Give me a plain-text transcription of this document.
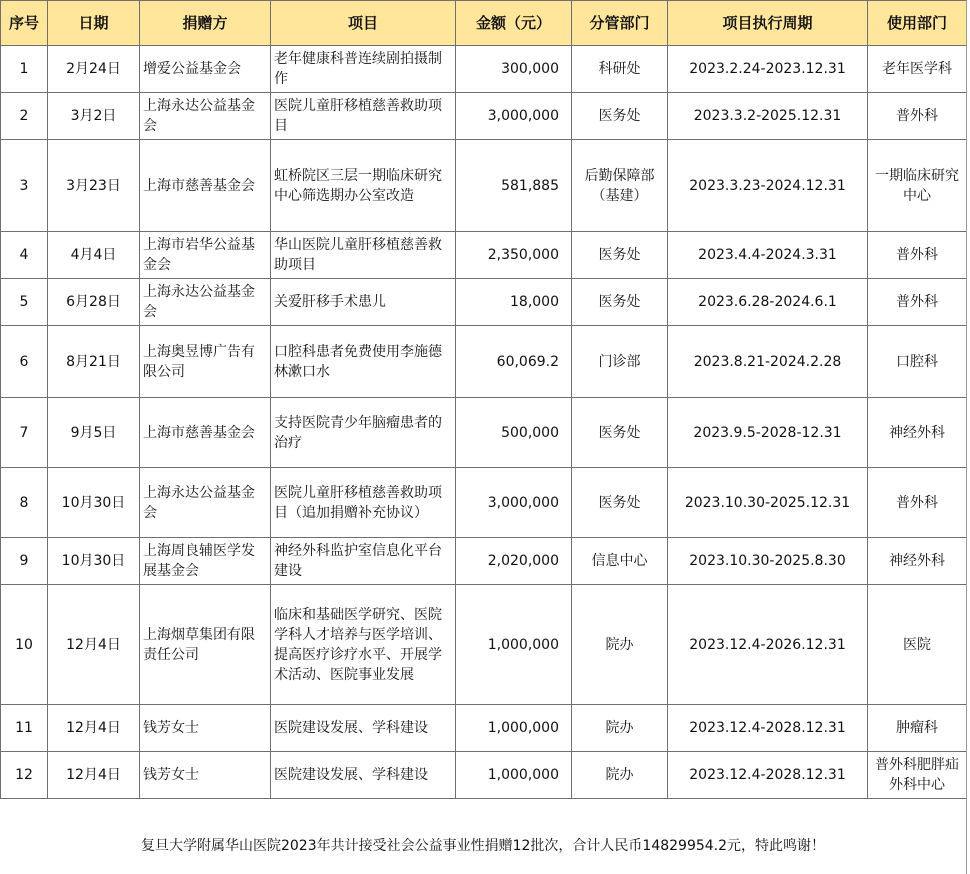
序号	日期	捐赠方	项目	金额（元）	分管部门	项目执行周期	使用部门
1	2月24日	增爱公益基金会	老年健康科普连续剧拍摄制作	300,000	科研处	2023.2.24-2023.12.31	老年医学科
2	3月2日	上海永达公益基金会	医院儿童肝移植慈善救助项目	3,000,000	医务处	2023.3.2-2025.12.31	普外科
3	3月23日	上海市慈善基金会	虹桥院区三层一期临床研究中心筛选期办公室改造	581,885	后勤保障部（基建）	2023.3.23-2024.12.31	一期临床研究中心
4	4月4日	上海市岩华公益基金会	华山医院儿童肝移植慈善救助项目	2,350,000	医务处	2023.4.4-2024.3.31	普外科
5	6月28日	上海永达公益基金会	关爱肝移手术患儿	18,000	医务处	2023.6.28-2024.6.1	普外科
6	8月21日	上海奥昱博广告有限公司	口腔科患者免费使用李施德林漱口水	60,069.2	门诊部	2023.8.21-2024.2.28	口腔科
7	9月5日	上海市慈善基金会	支持医院青少年脑瘤患者的治疗	500,000	医务处	2023.9.5-2028-12.31	神经外科
8	10月30日	上海永达公益基金会	医院儿童肝移植慈善救助项目（追加捐赠补充协议）	3,000,000	医务处	2023.10.30-2025.12.31	普外科
9	10月30日	上海周良辅医学发展基金会	神经外科监护室信息化平台建设	2,020,000	信息中心	2023.10.30-2025.8.30	神经外科
10	12月4日	上海烟草集团有限责任公司	临床和基础医学研究、医院学科人才培养与医学培训、提高医疗诊疗水平、开展学术活动、医院事业发展	1,000,000	院办	2023.12.4-2026.12.31	医院
11	12月4日	钱芳女士	医院建设发展、学科建设	1,000,000	院办	2023.12.4-2028.12.31	肿瘤科
12	12月4日	钱芳女士	医院建设发展、学科建设	1,000,000	院办	2023.12.4-2028.12.31	普外科肥胖疝外科中心
复旦大学附属华山医院2023年共计接受社会公益事业性捐赠12批次，合计人民币14829954.2元，特此鸣谢！
